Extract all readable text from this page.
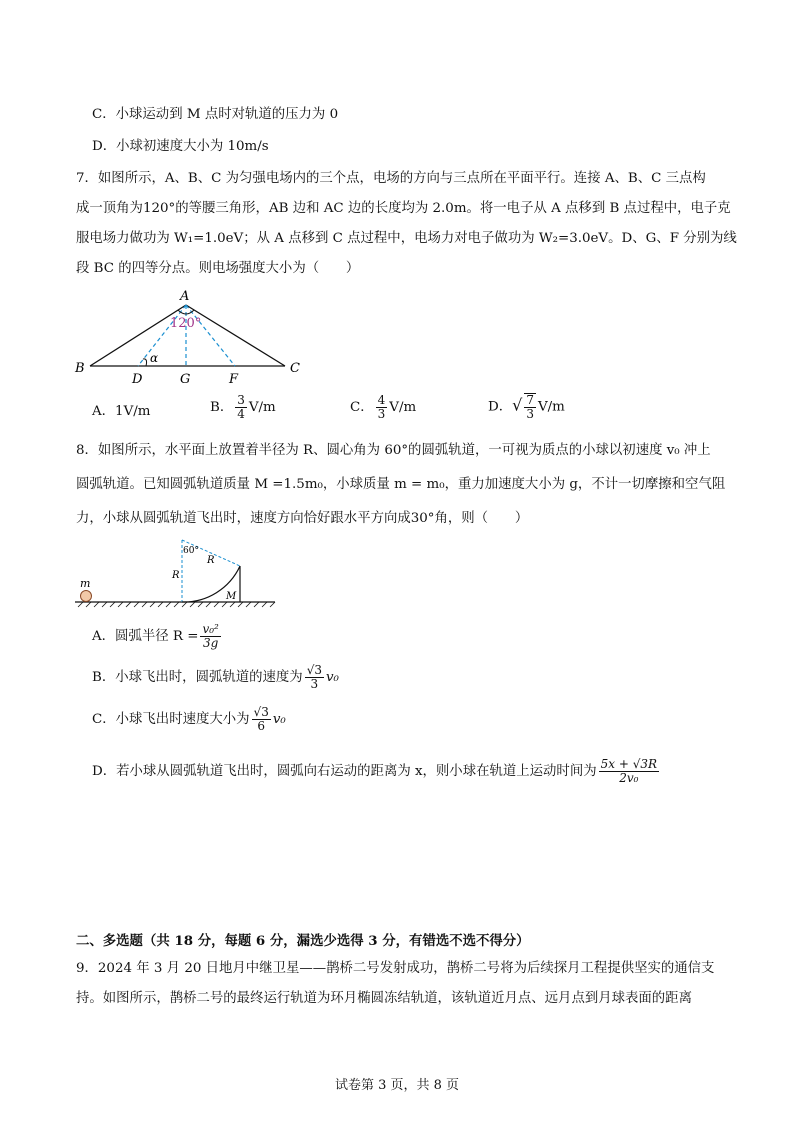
C．小球运动到 M 点时对轨道的压力为 0
D．小球初速度大小为 10m/s
7．如图所示，A、B、C 为匀强电场内的三个点，电场的方向与三点所在平面平行。连接 A、B、C 三点构
成一顶角为120°的等腰三角形，AB 边和 AC 边的长度均为 2.0m。将一电子从 A 点移到 B 点过程中，电子克
服电场力做功为 W₁=1.0eV；从 A 点移到 C 点过程中，电场力对电子做功为 W₂=3.0eV。D、G、F 分别为线
段 BC 的四等分点。则电场强度大小为（　　）
A
120°
α
B	C
D	G	F
A．1V/m	B． $\frac{3}{4} V/m$	C． $\frac{4}{3} V/m$	D．√ $\frac{7}{3} V/m$
8．如图所示，水平面上放置着半径为 R、圆心角为 60°的圆弧轨道，一可视为质点的小球以初速度 v₀ 冲上
圆弧轨道。已知圆弧轨道质量 M =1.5m₀，小球质量 m = m₀，重力加速度大小为 g，不计一切摩擦和空气阻
力，小球从圆弧轨道飞出时，速度方向恰好跟水平方向成30°角，则（　　）
m
60°
R
R
M
A．圆弧半径 $R = \frac{\text{v₀²}}{3g}$
B．小球飞出时，圆弧轨道的速度为 $\frac{√3}{3} v_0$
C．小球飞出时速度大小为 $\frac{√3}{6} v_0$
D．若小球从圆弧轨道飞出时，圆弧向右运动的距离为 x，则小球在轨道上运动时间为 $\frac{5x + √3R}{\text{2v₀}}$
二、多选题（共 18 分，每题 6 分，漏选少选得 3 分，有错选不选不得分）
9．2024 年 3 月 20 日地月中继卫星——鹊桥二号发射成功，鹊桥二号将为后续探月工程提供坚实的通信支
持。如图所示，鹊桥二号的最终运行轨道为环月椭圆冻结轨道，该轨道近月点、远月点到月球表面的距离
试卷第 3 页，共 8 页
